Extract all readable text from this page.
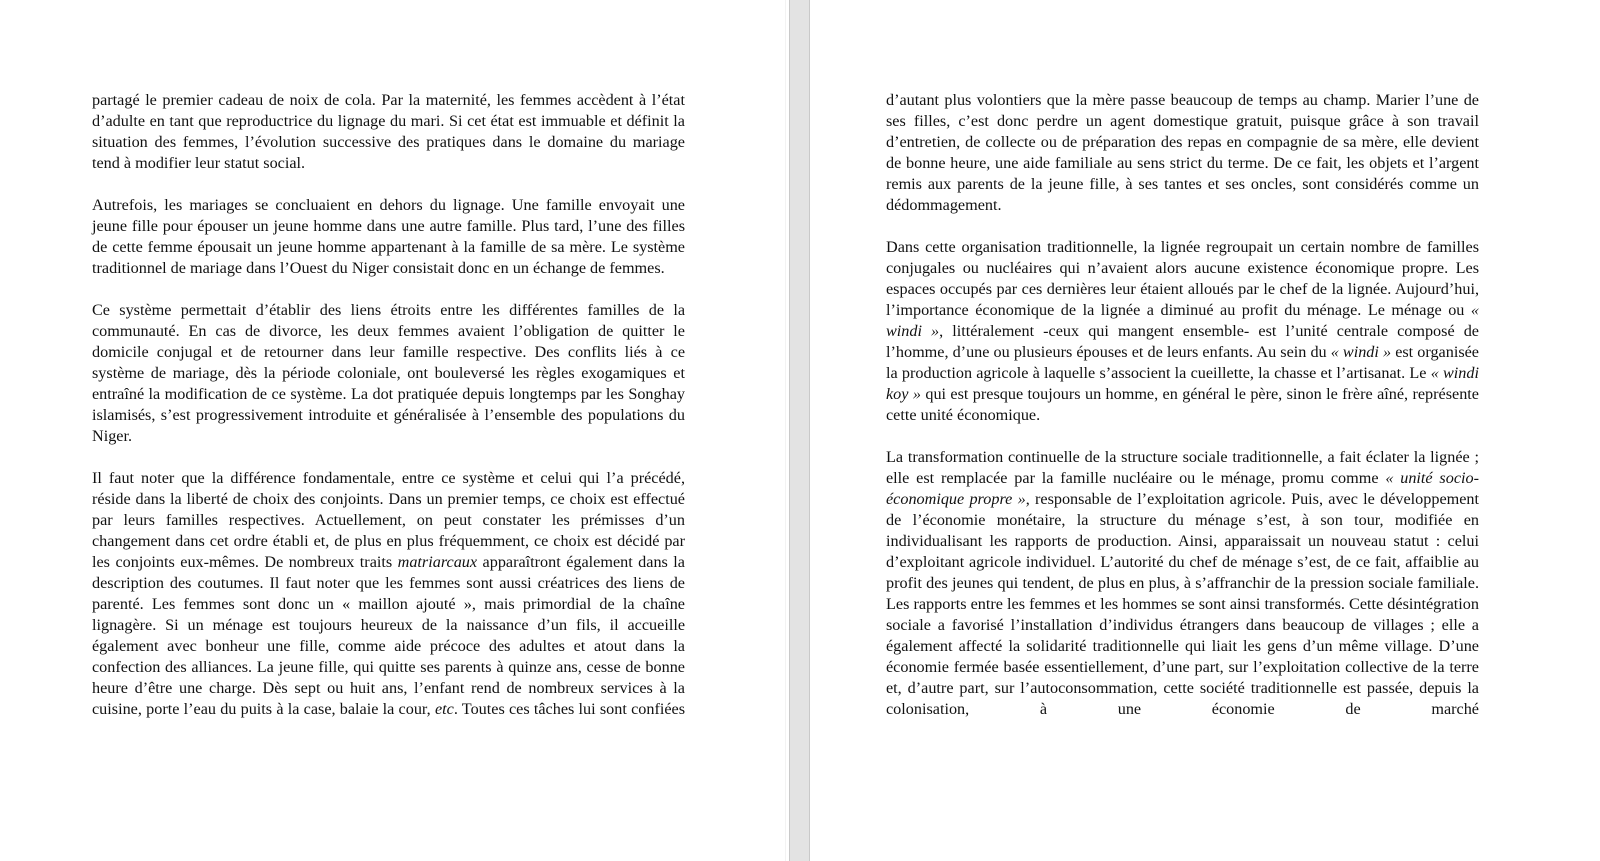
partagé le premier cadeau de noix de cola. Par la maternité, les femmes accèdent à l’état d’adulte en tant que reproductrice du lignage du mari. Si cet état est immuable et définit la situation des femmes, l’évolution successive des pratiques dans le domaine du mariage tend à modifier leur statut social.

Autrefois, les mariages se concluaient en dehors du lignage. Une famille envoyait une jeune fille pour épouser un jeune homme dans une autre famille. Plus tard, l’une des filles de cette femme épousait un jeune homme appartenant à la famille de sa mère. Le système traditionnel de mariage dans l’Ouest du Niger consistait donc en un échange de femmes.

Ce système permettait d’établir des liens étroits entre les différentes familles de la communauté. En cas de divorce, les deux femmes avaient l’obligation de quitter le domicile conjugal et de retourner dans leur famille respective. Des conflits liés à ce système de mariage, dès la période coloniale, ont bouleversé les règles exogamiques et entraîné la modification de ce système. La dot pratiquée depuis longtemps par les Songhay islamisés, s’est progressivement introduite et généralisée à l’ensemble des populations du Niger.

Il faut noter que la différence fondamentale, entre ce système et celui qui l’a précédé, réside dans la liberté de choix des conjoints. Dans un premier temps, ce choix est effectué par leurs familles respectives. Actuellement, on peut constater les prémisses d’un changement dans cet ordre établi et, de plus en plus fréquemment, ce choix est décidé par les conjoints eux-mêmes. De nombreux traits matriarcaux apparaîtront également dans la description des coutumes. Il faut noter que les femmes sont aussi créatrices des liens de parenté. Les femmes sont donc un « maillon ajouté », mais primordial de la chaîne lignagère. Si un ménage est toujours heureux de la naissance d’un fils, il accueille également avec bonheur une fille, comme aide précoce des adultes et atout dans la confection des alliances. La jeune fille, qui quitte ses parents à quinze ans, cesse de bonne heure d’être une charge. Dès sept ou huit ans, l’enfant rend de nombreux services à la cuisine, porte l’eau du puits à la case, balaie la cour, etc. Toutes ces tâches lui sont confiées

d’autant plus volontiers que la mère passe beaucoup de temps au champ. Marier l’une de ses filles, c’est donc perdre un agent domestique gratuit, puisque grâce à son travail d’entretien, de collecte ou de préparation des repas en compagnie de sa mère, elle devient de bonne heure, une aide familiale au sens strict du terme. De ce fait, les objets et l’argent remis aux parents de la jeune fille, à ses tantes et ses oncles, sont considérés comme un dédommagement.

Dans cette organisation traditionnelle, la lignée regroupait un certain nombre de familles conjugales ou nucléaires qui n’avaient alors aucune existence économique propre. Les espaces occupés par ces dernières leur étaient alloués par le chef de la lignée. Aujourd’hui, l’importance économique de la lignée a diminué au profit du ménage. Le ménage ou « windi », littéralement -ceux qui mangent ensemble- est l’unité centrale composé de l’homme, d’une ou plusieurs épouses et de leurs enfants. Au sein du « windi » est organisée la production agricole à laquelle s’associent la cueillette, la chasse et l’artisanat. Le « windi koy » qui est presque toujours un homme, en général le père, sinon le frère aîné, représente cette unité économique.

La transformation continuelle de la structure sociale traditionnelle, a fait éclater la lignée ; elle est remplacée par la famille nucléaire ou le ménage, promu comme « unité socio-économique propre », responsable de l’exploitation agricole. Puis, avec le développement de l’économie monétaire, la structure du ménage s’est, à son tour, modifiée en individualisant les rapports de production. Ainsi, apparaissait un nouveau statut : celui d’exploitant agricole individuel. L’autorité du chef de ménage s’est, de ce fait, affaiblie au profit des jeunes qui tendent, de plus en plus, à s’affranchir de la pression sociale familiale. Les rapports entre les femmes et les hommes se sont ainsi transformés. Cette désintégration sociale a favorisé l’installation d’individus étrangers dans beaucoup de villages ; elle a également affecté la solidarité traditionnelle qui liait les gens d’un même village. D’une économie fermée basée essentiellement, d’une part, sur l’exploitation collective de la terre et, d’autre part, sur l’autoconsommation, cette société traditionnelle est passée, depuis la colonisation, à une économie de marché
